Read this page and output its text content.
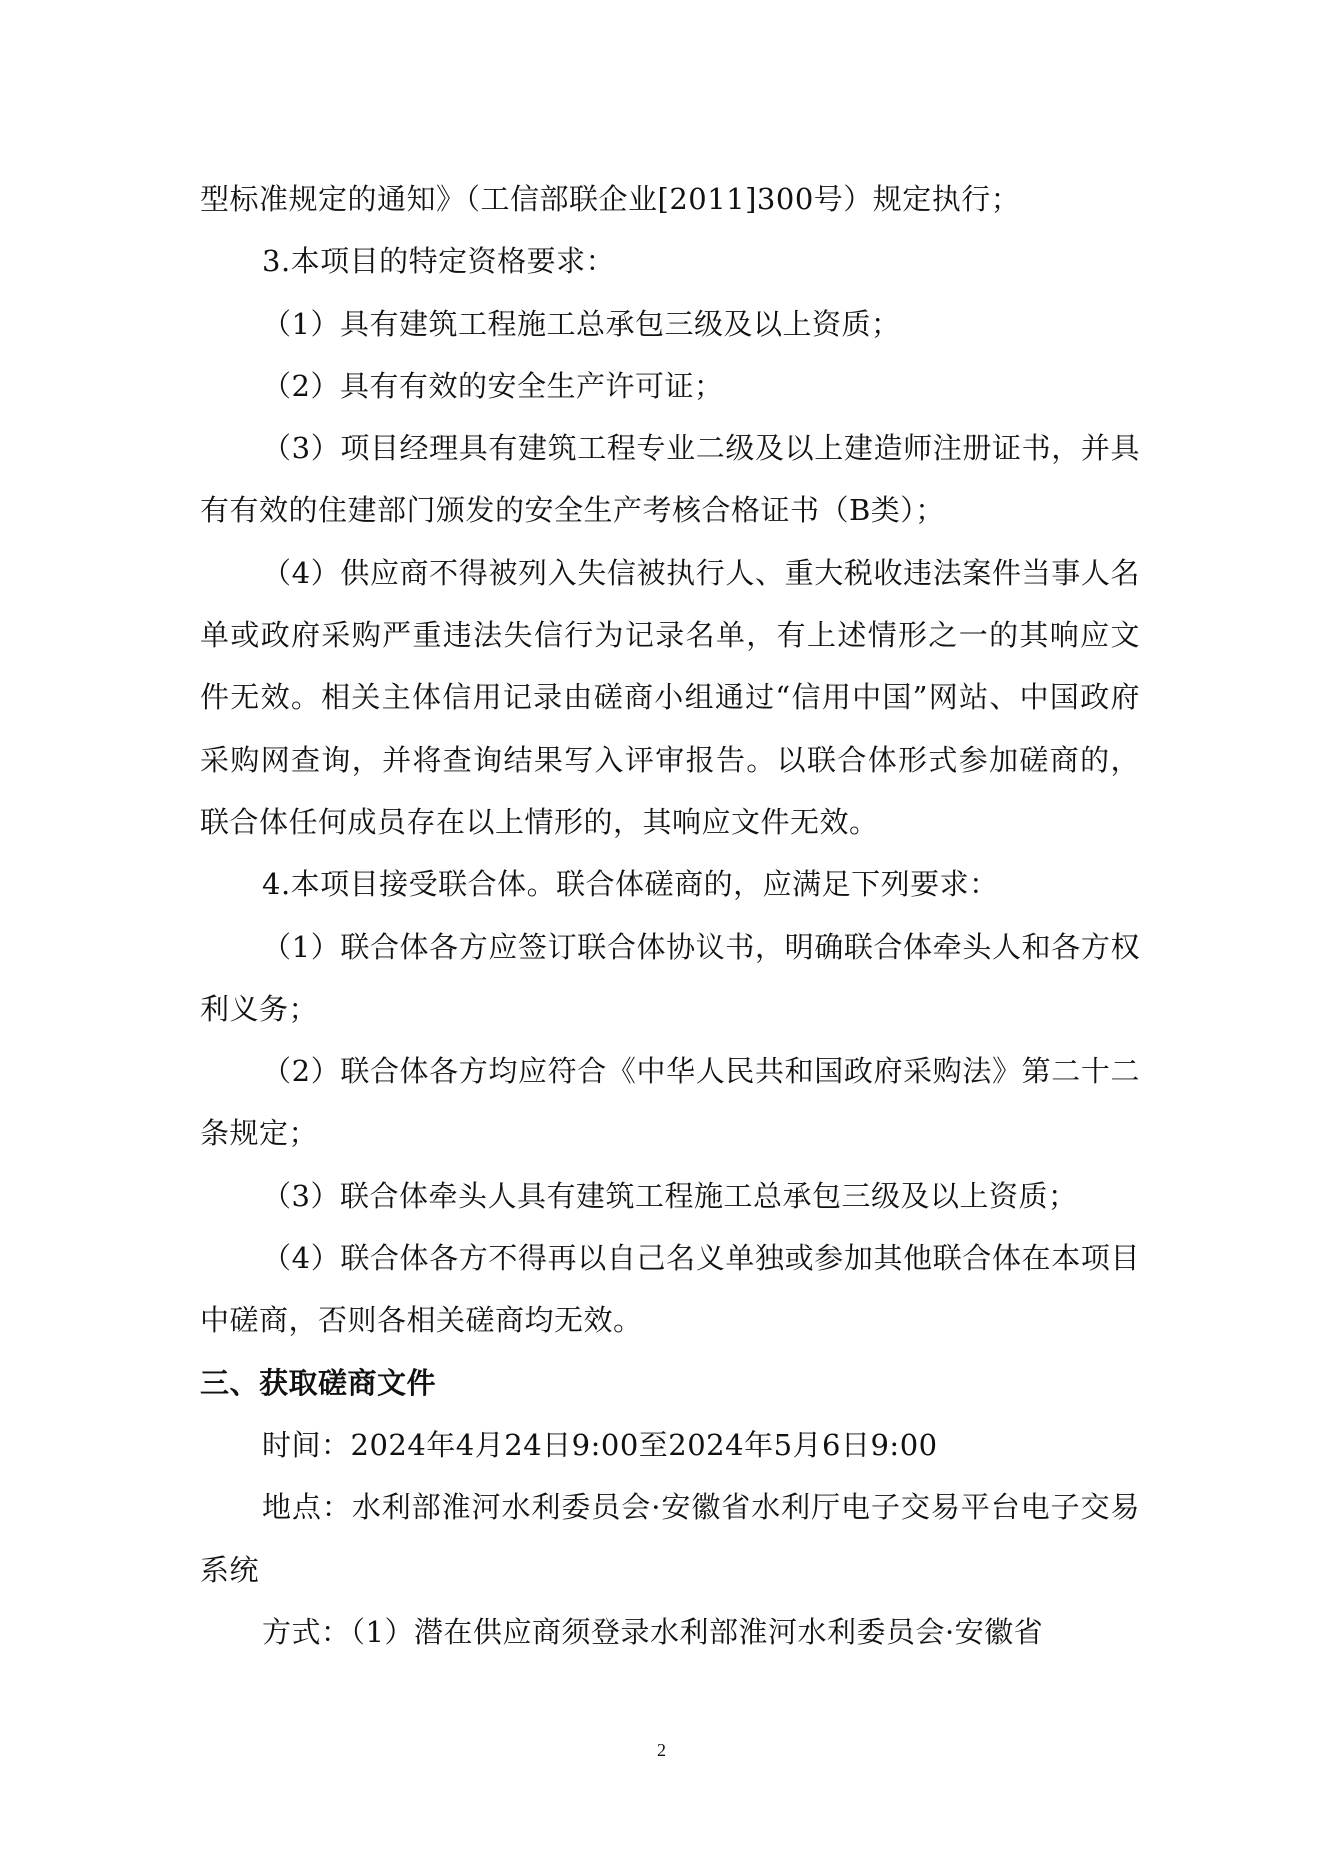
型标准规定的通知》（工信部联企业[2011]300号）规定执行；

3.本项目的特定资格要求：

（1）具有建筑工程施工总承包三级及以上资质；

（2）具有有效的安全生产许可证；

（3）项目经理具有建筑工程专业二级及以上建造师注册证书，并具有有效的住建部门颁发的安全生产考核合格证书（B类）；

（4）供应商不得被列入失信被执行人、重大税收违法案件当事人名单或政府采购严重违法失信行为记录名单，有上述情形之一的其响应文件无效。相关主体信用记录由磋商小组通过“信用中国”网站、中国政府采购网查询，并将查询结果写入评审报告。以联合体形式参加磋商的，联合体任何成员存在以上情形的，其响应文件无效。

4.本项目接受联合体。联合体磋商的，应满足下列要求：

（1）联合体各方应签订联合体协议书，明确联合体牵头人和各方权利义务；

（2）联合体各方均应符合《中华人民共和国政府采购法》第二十二条规定；

（3）联合体牵头人具有建筑工程施工总承包三级及以上资质；

（4）联合体各方不得再以自己名义单独或参加其他联合体在本项目中磋商，否则各相关磋商均无效。

三、获取磋商文件

时间：2024年4月24日9:00至2024年5月6日9:00

地点：水利部淮河水利委员会·安徽省水利厅电子交易平台电子交易系统

方式：（1）潜在供应商须登录水利部淮河水利委员会·安徽省

2
